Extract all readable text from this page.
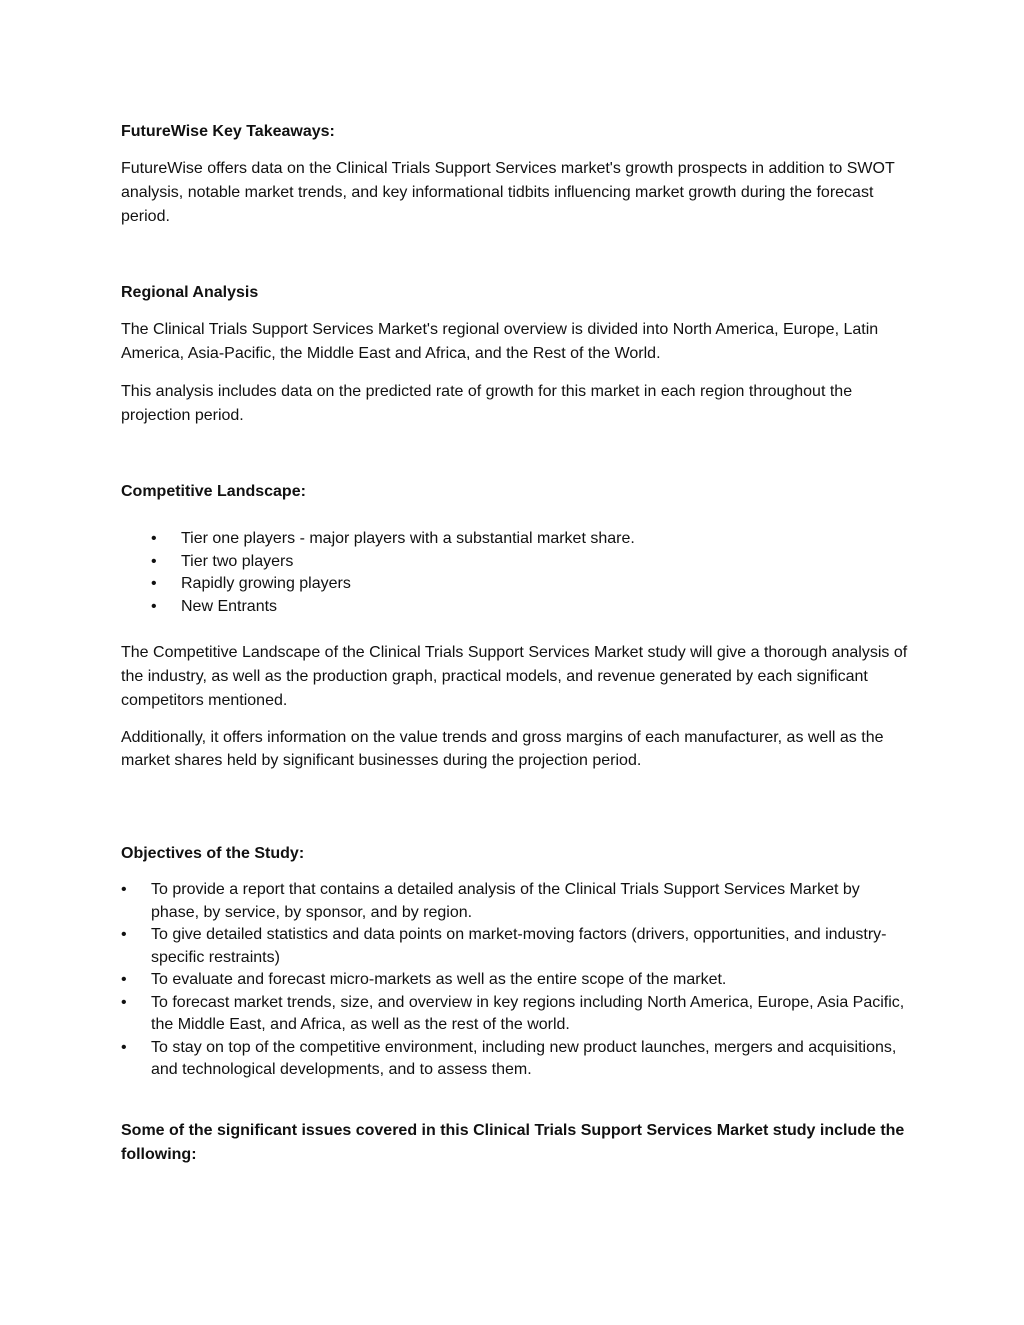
FutureWise Key Takeaways:

FutureWise offers data on the Clinical Trials Support Services market's growth prospects in addition to SWOT analysis, notable market trends, and key informational tidbits influencing market growth during the forecast period.

Regional Analysis

The Clinical Trials Support Services Market's regional overview is divided into North America, Europe, Latin America, Asia-Pacific, the Middle East and Africa, and the Rest of the World.

This analysis includes data on the predicted rate of growth for this market in each region throughout the projection period.

Competitive Landscape:
• Tier one players - major players with a substantial market share.
• Tier two players
• Rapidly growing players
• New Entrants

The Competitive Landscape of the Clinical Trials Support Services Market study will give a thorough analysis of the industry, as well as the production graph, practical models, and revenue generated by each significant competitors mentioned.

Additionally, it offers information on the value trends and gross margins of each manufacturer, as well as the market shares held by significant businesses during the projection period.

Objectives of the Study:
• To provide a report that contains a detailed analysis of the Clinical Trials Support Services Market by phase, by service, by sponsor, and by region.
• To give detailed statistics and data points on market-moving factors (drivers, opportunities, and industry-specific restraints)
• To evaluate and forecast micro-markets as well as the entire scope of the market.
• To forecast market trends, size, and overview in key regions including North America, Europe, Asia Pacific, the Middle East, and Africa, as well as the rest of the world.
• To stay on top of the competitive environment, including new product launches, mergers and acquisitions, and technological developments, and to assess them.
Some of the significant issues covered in this Clinical Trials Support Services Market study include the following:
